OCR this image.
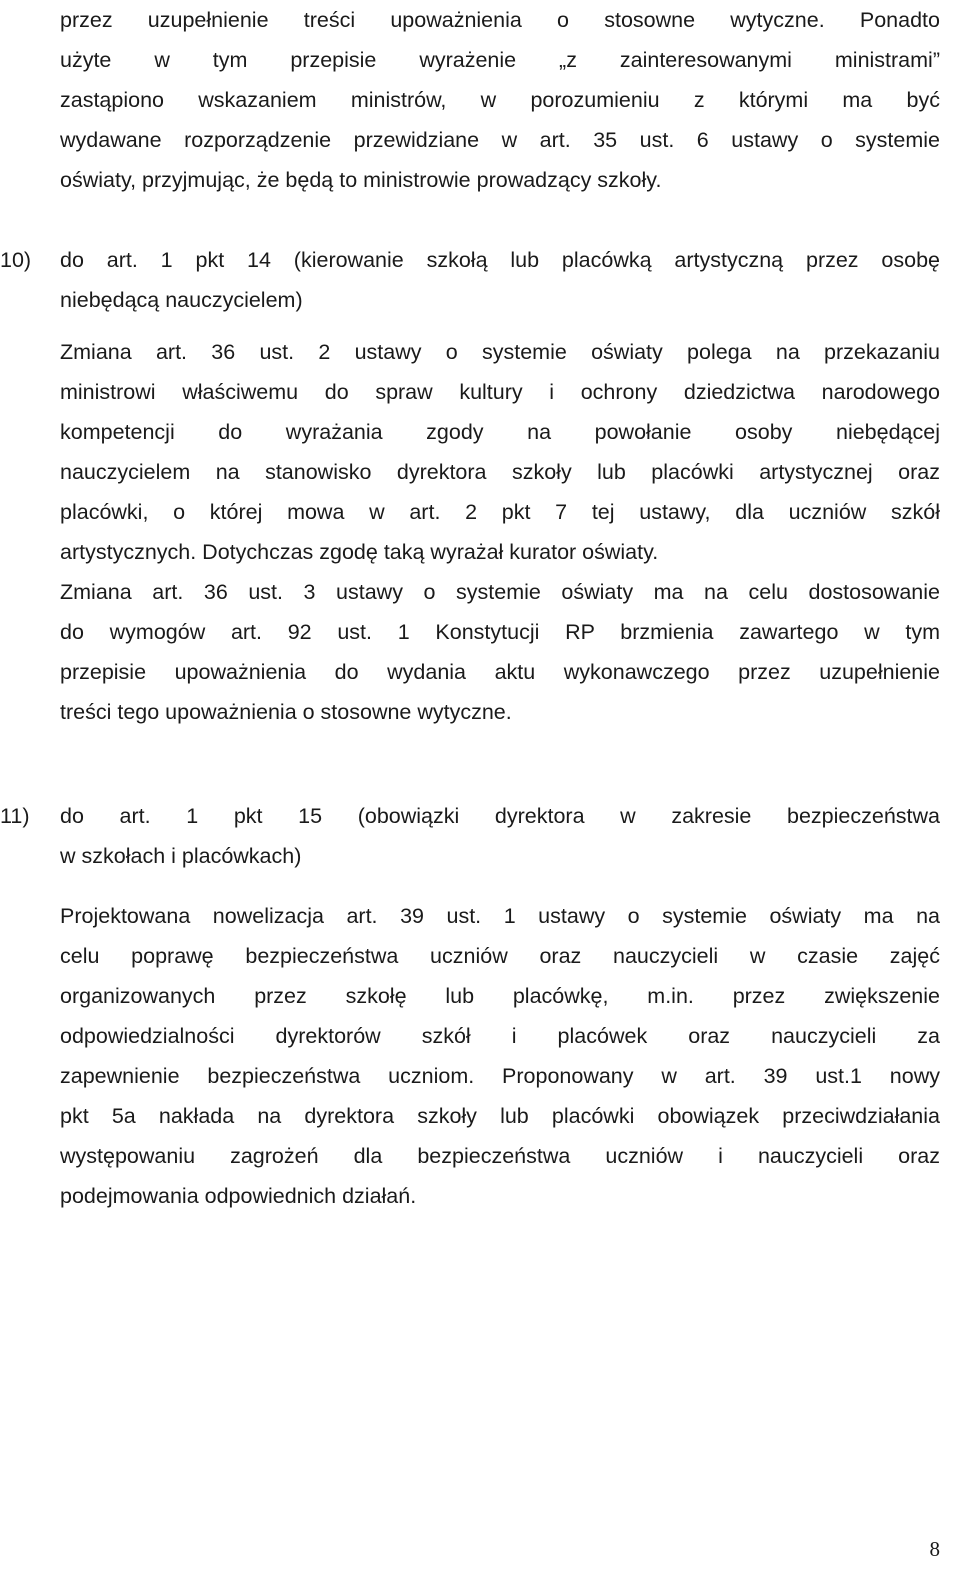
przez uzupełnienie treści upoważnienia o stosowne wytyczne. Ponadto
użyte w tym przepisie wyrażenie „z zainteresowanymi ministrami”
zastąpiono wskazaniem ministrów, w porozumieniu z którymi ma być
wydawane rozporządzenie przewidziane w art. 35 ust. 6 ustawy o systemie
oświaty, przyjmując, że będą to ministrowie prowadzący szkoły.
10)	do art. 1 pkt 14 (kierowanie szkołą lub placówką artystyczną przez osobę
niebędącą nauczycielem)
Zmiana art. 36 ust. 2 ustawy o systemie oświaty polega na przekazaniu
ministrowi właściwemu do spraw kultury i ochrony dziedzictwa narodowego
kompetencji do wyrażania zgody na powołanie osoby niebędącej
nauczycielem na stanowisko dyrektora szkoły lub placówki artystycznej oraz
placówki, o której mowa w art. 2 pkt 7 tej ustawy, dla uczniów szkół
artystycznych. Dotychczas zgodę taką wyrażał kurator oświaty.
Zmiana art. 36 ust. 3 ustawy o systemie oświaty ma na celu dostosowanie
do wymogów art. 92 ust. 1 Konstytucji RP brzmienia zawartego w tym
przepisie upoważnienia do wydania aktu wykonawczego przez uzupełnienie
treści tego upoważnienia o stosowne wytyczne.
11)	do art. 1 pkt 15 (obowiązki dyrektora w zakresie bezpieczeństwa
w szkołach i placówkach)
Projektowana nowelizacja art. 39 ust. 1 ustawy o systemie oświaty ma na
celu poprawę bezpieczeństwa uczniów oraz nauczycieli w czasie zajęć
organizowanych przez szkołę lub placówkę, m.in. przez zwiększenie
odpowiedzialności dyrektorów szkół i placówek oraz nauczycieli za
zapewnienie bezpieczeństwa uczniom. Proponowany w art. 39 ust.1 nowy
pkt 5a nakłada na dyrektora szkoły lub placówki obowiązek przeciwdziałania
występowaniu zagrożeń dla bezpieczeństwa uczniów i nauczycieli oraz
podejmowania odpowiednich działań.
8
